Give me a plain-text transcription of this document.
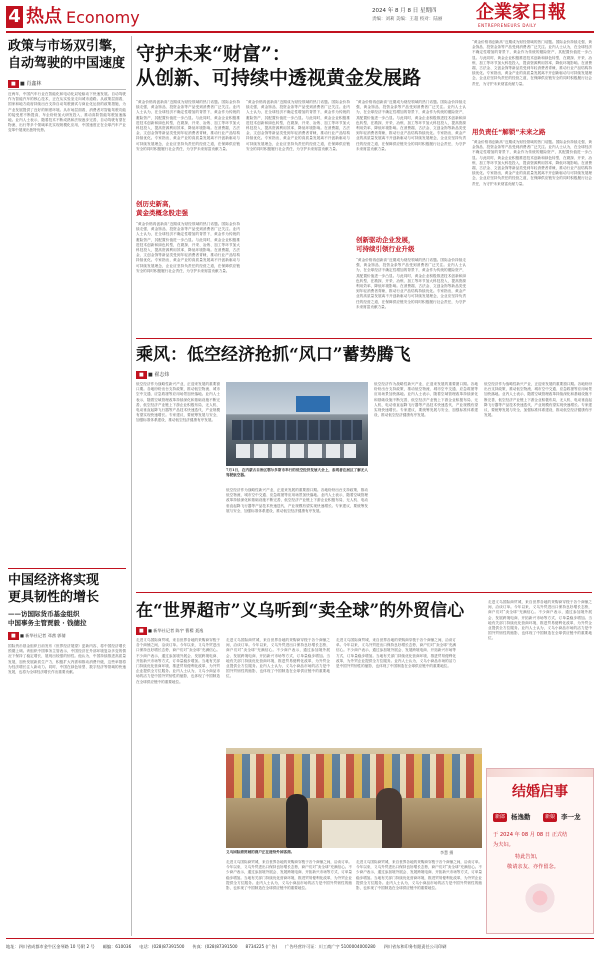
4 热点 Economy	2024 年 8 月 8 日 星期四
责编：刘莉 美编：王超 校对：陆丽 企業家日報
ENTREPRENEURS DAILY
政策与市场双引擎，
自动驾驶的中国速度
■ ■ 肖鑫林
近两年，中国汽车行业在智能化和电动化双轮驱动下快速发展。自动驾驶作为智能汽车的核心技术，正在从实验室走向城市道路。从政策层面看，国家和地方政府持续出台支持自动驾驶测试与商业化运营的政策措施，为产业发展提供了良好的制度环境。从市场层面看，消费者对智能驾驶功能的接受度不断提高，车企纷纷加大研发投入，推动高阶智能驾驶加速落地。业内人士表示，随着技术不断成熟和法规逐步完善，自动驾驶有望在物流、出行等多个领域率先实现规模化应用，中国速度正在全球汽车产业变革中展现出独特优势。
中国经济将实现
更具韧性的增长
——访国际货币基金组织
中国事务主管贾毅 · 钱德拉
■	■ 新华社记者 邓茜 郭倩
国际货币基金组织日前发布《世界经济展望》更新内容，将中国经济增长预期上调。该组织中国事务主管表示，中国经济在外部环境复杂多变的情况下保持了稳定增长，展现出较强的韧性。他认为，中国持续推进高质量发展，加快发展新质生产力，积极扩大内需和推动消费升级，这些举措将为经济增长注入新动力。同时，中国在绿色转型、数字经济等领域的快速发展，也将为全球经济增长作出重要贡献。
守护未来“财富”：
从创新、可持续中透视黄金发展路
“黄金价格再创新高”近期成为财经领域的热门话题。国际金价持续走强，黄金饰品、投资金条等产品受到消费者广泛关注。业内人士认为，在全球经济不确定性增加的背景下，黄金作为传统的避险资产，其配置价值进一步凸显。与此同时，黄金企业积极推进技术创新和绿色转型，在勘探、开采、冶炼、加工等环节加大科技投入，提高资源利用效率，降低环境影响。在消费端，古法金、文创金饰等新品类受到年轻消费者青睐，推动行业产品结构持续优化。专家指出，黄金产业的高质量发展离不开创新驱动与可持续发展理念，企业应坚持负责任的经营之道，在保障供应链安全的同时积极履行社会责任，为守护未来财富贡献力量。
创历史新高，
黄金类概念股走强
“黄金价格再创新高”近期成为财经领域的热门话题。国际金价持续走强，黄金饰品、投资金条等产品受到消费者广泛关注。业内人士认为，在全球经济不确定性增加的背景下，黄金作为传统的避险资产，其配置价值进一步凸显。与此同时，黄金企业积极推进技术创新和绿色转型，在勘探、开采、冶炼、加工等环节加大科技投入，提高资源利用效率，降低环境影响。在消费端，古法金、文创金饰等新品类受到年轻消费者青睐，推动行业产品结构持续优化。专家指出，黄金产业的高质量发展离不开创新驱动与可持续发展理念，企业应坚持负责任的经营之道，在保障供应链安全的同时积极履行社会责任，为守护未来财富贡献力量。
“黄金价格再创新高”近期成为财经领域的热门话题。国际金价持续走强，黄金饰品、投资金条等产品受到消费者广泛关注。业内人士认为，在全球经济不确定性增加的背景下，黄金作为传统的避险资产，其配置价值进一步凸显。与此同时，黄金企业积极推进技术创新和绿色转型，在勘探、开采、冶炼、加工等环节加大科技投入，提高资源利用效率，降低环境影响。在消费端，古法金、文创金饰等新品类受到年轻消费者青睐，推动行业产品结构持续优化。专家指出，黄金产业的高质量发展离不开创新驱动与可持续发展理念，企业应坚持负责任的经营之道，在保障供应链安全的同时积极履行社会责任，为守护未来财富贡献力量。
“黄金价格再创新高”近期成为财经领域的热门话题。国际金价持续走强，黄金饰品、投资金条等产品受到消费者广泛关注。业内人士认为，在全球经济不确定性增加的背景下，黄金作为传统的避险资产，其配置价值进一步凸显。与此同时，黄金企业积极推进技术创新和绿色转型，在勘探、开采、冶炼、加工等环节加大科技投入，提高资源利用效率，降低环境影响。在消费端，古法金、文创金饰等新品类受到年轻消费者青睐，推动行业产品结构持续优化。专家指出，黄金产业的高质量发展离不开创新驱动与可持续发展理念，企业应坚持负责任的经营之道，在保障供应链安全的同时积极履行社会责任，为守护未来财富贡献力量。
创新驱动企业发展，
可持续引领行业升级
“黄金价格再创新高”近期成为财经领域的热门话题。国际金价持续走强，黄金饰品、投资金条等产品受到消费者广泛关注。业内人士认为，在全球经济不确定性增加的背景下，黄金作为传统的避险资产，其配置价值进一步凸显。与此同时，黄金企业积极推进技术创新和绿色转型，在勘探、开采、冶炼、加工等环节加大科技投入，提高资源利用效率，降低环境影响。在消费端，古法金、文创金饰等新品类受到年轻消费者青睐，推动行业产品结构持续优化。专家指出，黄金产业的高质量发展离不开创新驱动与可持续发展理念，企业应坚持负责任的经营之道，在保障供应链安全的同时积极履行社会责任，为守护未来财富贡献力量。
“黄金价格再创新高”近期成为财经领域的热门话题。国际金价持续走强，黄金饰品、投资金条等产品受到消费者广泛关注。业内人士认为，在全球经济不确定性增加的背景下，黄金作为传统的避险资产，其配置价值进一步凸显。与此同时，黄金企业积极推进技术创新和绿色转型，在勘探、开采、冶炼、加工等环节加大科技投入，提高资源利用效率，降低环境影响。在消费端，古法金、文创金饰等新品类受到年轻消费者青睐，推动行业产品结构持续优化。专家指出，黄金产业的高质量发展离不开创新驱动与可持续发展理念，企业应坚持负责任的经营之道，在保障供应链安全的同时积极履行社会责任，为守护未来财富贡献力量。
用负责任“解锁”未来之路
“黄金价格再创新高”近期成为财经领域的热门话题。国际金价持续走强，黄金饰品、投资金条等产品受到消费者广泛关注。业内人士认为，在全球经济不确定性增加的背景下，黄金作为传统的避险资产，其配置价值进一步凸显。与此同时，黄金企业积极推进技术创新和绿色转型，在勘探、开采、冶炼、加工等环节加大科技投入，提高资源利用效率，降低环境影响。在消费端，古法金、文创金饰等新品类受到年轻消费者青睐，推动行业产品结构持续优化。专家指出，黄金产业的高质量发展离不开创新驱动与可持续发展理念，企业应坚持负责任的经营之道，在保障供应链安全的同时积极履行社会责任，为守护未来财富贡献力量。
乘风：低空经济抢抓“风口”蓄势腾飞
■ ■ 翟志炜
低空经济作为战略性新兴产业，正迎来发展的重要窗口期。各地纷纷出台支持政策，推动低空物流、城市空中交通、应急救援等应用场景加快落地。业内人士表示，随着空域管理改革持续深化和基础设施不断完善，低空经济产业链上下游企业积极布局，无人机、电动垂直起降飞行器等产品技术快速迭代，产业规模有望实现快速增长。专家建议，要统筹发展与安全，加强标准体系建设，推动低空经济健康有序发展。
7月1日，在内蒙古自治区鄂尔多斯市举行的低空经济发展大会上，参观者在展区了解无人驾驶航空器。
低空经济作为战略性新兴产业，正迎来发展的重要窗口期。各地纷纷出台支持政策，推动低空物流、城市空中交通、应急救援等应用场景加快落地。业内人士表示，随着空域管理改革持续深化和基础设施不断完善，低空经济产业链上下游企业积极布局，无人机、电动垂直起降飞行器等产品技术快速迭代，产业规模有望实现快速增长。专家建议，要统筹发展与安全，加强标准体系建设，推动低空经济健康有序发展。
低空经济作为战略性新兴产业，正迎来发展的重要窗口期。各地纷纷出台支持政策，推动低空物流、城市空中交通、应急救援等应用场景加快落地。业内人士表示，随着空域管理改革持续深化和基础设施不断完善，低空经济产业链上下游企业积极布局，无人机、电动垂直起降飞行器等产品技术快速迭代，产业规模有望实现快速增长。专家建议，要统筹发展与安全，加强标准体系建设，推动低空经济健康有序发展。
低空经济作为战略性新兴产业，正迎来发展的重要窗口期。各地纷纷出台支持政策，推动低空物流、城市空中交通、应急救援等应用场景加快落地。业内人士表示，随着空域管理改革持续深化和基础设施不断完善，低空经济产业链上下游企业积极布局，无人机、电动垂直起降飞行器等产品技术快速迭代，产业规模有望实现快速增长。专家建议，要统筹发展与安全，加强标准体系建设，推动低空经济健康有序发展。
在“世界超市”义乌听到“卖全球”的外贸信心
■	■ 新华社记者 陈宇 曹檬 聂逸
走进义乌国际商贸城，来自世界各地的采购商穿梭于各个商铺之间，洽谈订单。今年以来，义乌外贸进出口保持良好增长态势，商户们对“卖全球”充满信心。不少商户表示，通过参加境外展会、发展跨境电商、开拓新兴市场等方式，订单量稳步增加。当地有关部门持续优化营商环境，推进贸易便利化改革，为外贸企业提供全方位服务。业内人士认为，义乌小商品市场的活力是中国外贸韧性的缩影，也体现了中国制造在全球供应链中的重要地位。
走进义乌国际商贸城，来自世界各地的采购商穿梭于各个商铺之间，洽谈订单。今年以来，义乌外贸进出口保持良好增长态势，商户们对“卖全球”充满信心。不少商户表示，通过参加境外展会、发展跨境电商、开拓新兴市场等方式，订单量稳步增加。当地有关部门持续优化营商环境，推进贸易便利化改革，为外贸企业提供全方位服务。业内人士认为，义乌小商品市场的活力是中国外贸韧性的缩影，也体现了中国制造在全球供应链中的重要地位。
走进义乌国际商贸城，来自世界各地的采购商穿梭于各个商铺之间，洽谈订单。今年以来，义乌外贸进出口保持良好增长态势，商户们对“卖全球”充满信心。不少商户表示，通过参加境外展会、发展跨境电商、开拓新兴市场等方式，订单量稳步增加。当地有关部门持续优化营商环境，推进贸易便利化改革，为外贸企业提供全方位服务。业内人士认为，义乌小商品市场的活力是中国外贸韧性的缩影，也体现了中国制造在全球供应链中的重要地位。
李慧 摄
义乌国际商贸城的商户正在接待外国客商。
走进义乌国际商贸城，来自世界各地的采购商穿梭于各个商铺之间，洽谈订单。今年以来，义乌外贸进出口保持良好增长态势，商户们对“卖全球”充满信心。不少商户表示，通过参加境外展会、发展跨境电商、开拓新兴市场等方式，订单量稳步增加。当地有关部门持续优化营商环境，推进贸易便利化改革，为外贸企业提供全方位服务。业内人士认为，义乌小商品市场的活力是中国外贸韧性的缩影，也体现了中国制造在全球供应链中的重要地位。
走进义乌国际商贸城，来自世界各地的采购商穿梭于各个商铺之间，洽谈订单。今年以来，义乌外贸进出口保持良好增长态势，商户们对“卖全球”充满信心。不少商户表示，通过参加境外展会、发展跨境电商、开拓新兴市场等方式，订单量稳步增加。当地有关部门持续优化营商环境，推进贸易便利化改革，为外贸企业提供全方位服务。业内人士认为，义乌小商品市场的活力是中国外贸韧性的缩影，也体现了中国制造在全球供应链中的重要地位。
走进义乌国际商贸城，来自世界各地的采购商穿梭于各个商铺之间，洽谈订单。今年以来，义乌外贸进出口保持良好增长态势，商户们对“卖全球”充满信心。不少商户表示，通过参加境外展会、发展跨境电商、开拓新兴市场等方式，订单量稳步增加。当地有关部门持续优化营商环境，推进贸易便利化改革，为外贸企业提供全方位服务。业内人士认为，义乌小商品市场的活力是中国外贸韧性的缩影，也体现了中国制造在全球供应链中的重要地位。
结婚启事
新郎 杨逸勤	新娘 李一龙
于 2024 年 08 月 08 日 正式结
为夫妇。
特此告知，
敬请亲友、亦作留念。
地址：四川省成都市金牛区金琴路 10 号附 2 号 邮编：610036 电话：(028)87391500 传真：(028)87391500 8734225 (广告) 广告经营许可证：川工商广字 5100004000280 四川省东和印务有限责任公司印刷
